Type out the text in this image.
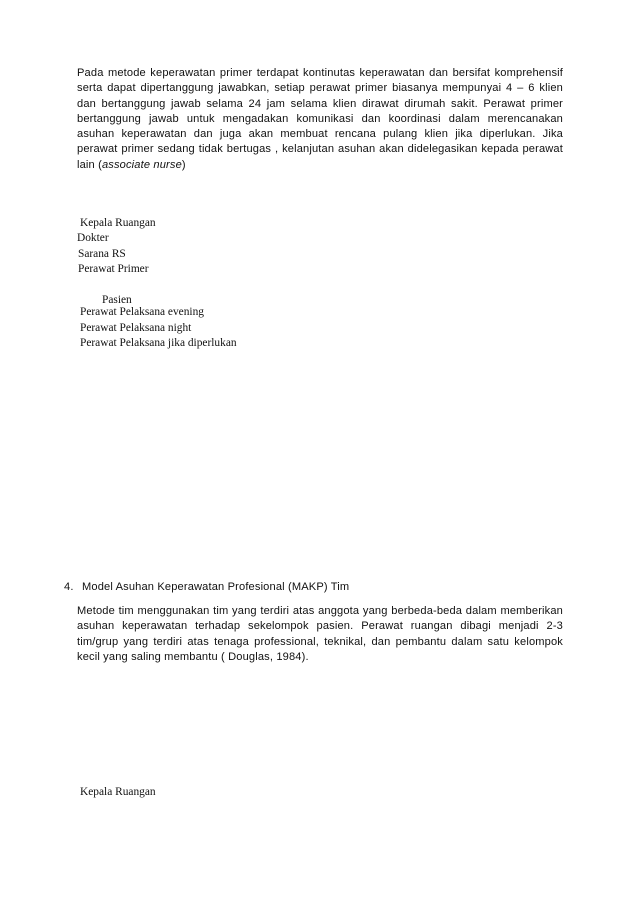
Pada metode keperawatan primer terdapat kontinutas keperawatan dan bersifat komprehensif serta dapat dipertanggung jawabkan, setiap perawat primer biasanya mempunyai 4 – 6 klien dan bertanggung jawab selama 24 jam selama klien dirawat dirumah sakit. Perawat primer bertanggung jawab untuk mengadakan komunikasi dan koordinasi dalam merencanakan asuhan keperawatan dan juga akan membuat rencana pulang klien jika diperlukan. Jika perawat primer sedang tidak bertugas , kelanjutan asuhan akan didelegasikan kepada perawat lain (associate nurse)

Kepala Ruangan
Dokter
Sarana RS
Perawat Primer
Pasien
Perawat Pelaksana evening
Perawat Pelaksana night
Perawat Pelaksana jika diperlukan
4. Model Asuhan Keperawatan Profesional (MAKP) Tim

Metode tim menggunakan tim yang terdiri atas anggota yang berbeda-beda dalam memberikan asuhan keperawatan terhadap sekelompok pasien. Perawat ruangan dibagi menjadi 2-3 tim/grup yang terdiri atas tenaga professional, teknikal, dan pembantu dalam satu kelompok kecil yang saling membantu ( Douglas, 1984).

Kepala Ruangan
